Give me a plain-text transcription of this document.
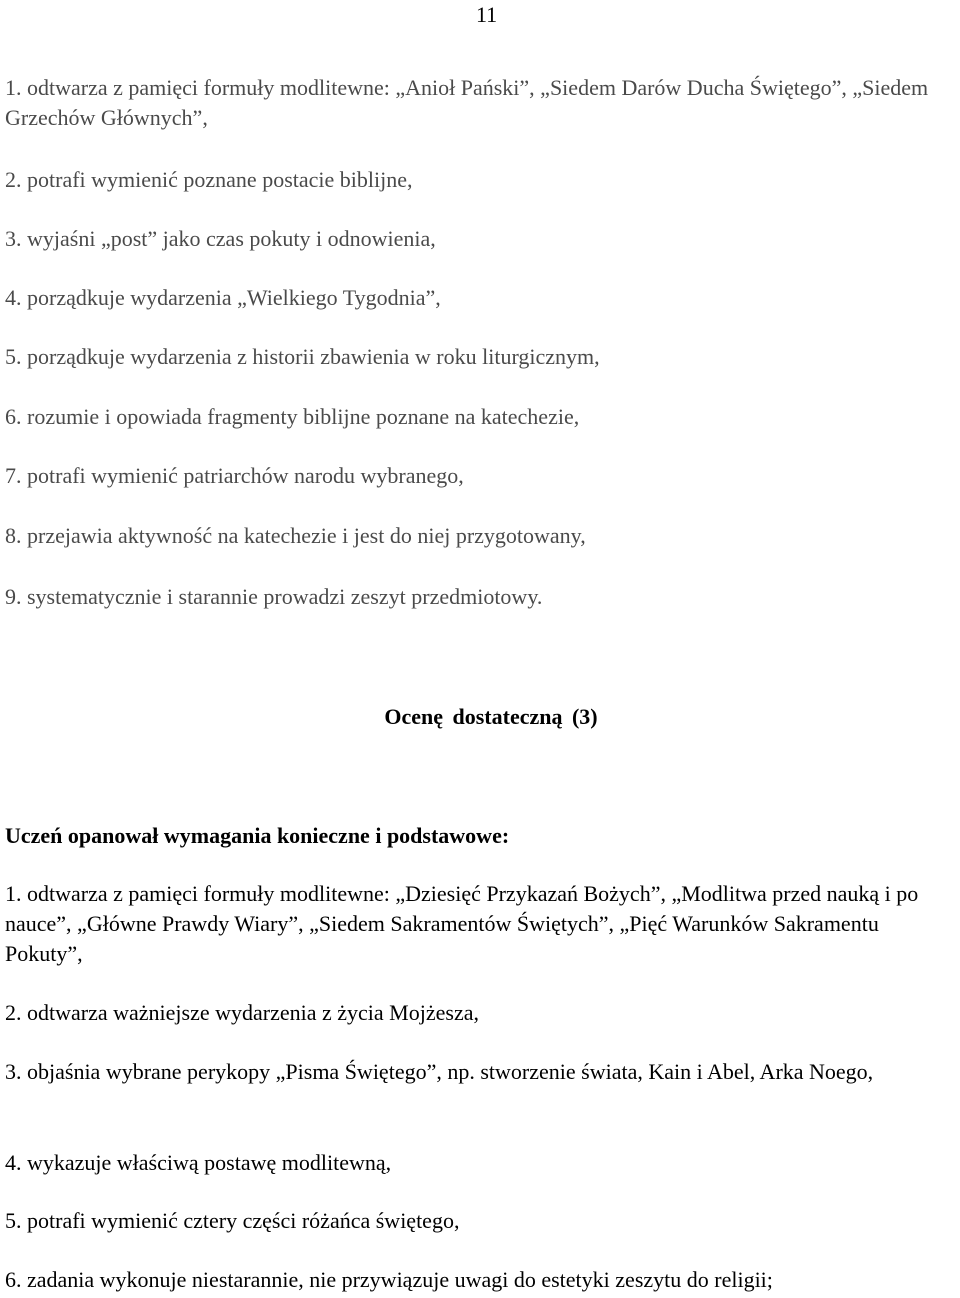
11

1. odtwarza z pamięci formuły modlitewne: „Anioł Pański”, „Siedem Darów Ducha Świętego”, „Siedem Grzechów Głównych”,

2. potrafi wymienić poznane postacie biblijne,

3. wyjaśni „post” jako czas pokuty i odnowienia,

4. porządkuje wydarzenia „Wielkiego Tygodnia”,

5. porządkuje wydarzenia z historii zbawienia w roku liturgicznym,

6. rozumie i opowiada fragmenty biblijne poznane na katechezie,

7. potrafi wymienić patriarchów narodu wybranego,

8. przejawia aktywność na katechezie i jest do niej przygotowany,

9. systematycznie i starannie prowadzi zeszyt przedmiotowy.

Ocenę dostateczną (3)
Uczeń opanował wymagania konieczne i podstawowe:

1. odtwarza z pamięci formuły modlitewne: „Dziesięć Przykazań Bożych”, „Modlitwa przed nauką i po nauce”, „Główne Prawdy Wiary”, „Siedem Sakramentów Świętych”, „Pięć Warunków Sakramentu Pokuty”,

2. odtwarza ważniejsze wydarzenia z życia Mojżesza,

3. objaśnia wybrane perykopy „Pisma Świętego”, np. stworzenie świata, Kain i Abel, Arka Noego,

4. wykazuje właściwą postawę modlitewną,

5. potrafi wymienić cztery części różańca świętego,

6. zadania wykonuje niestarannie, nie przywiązuje uwagi do estetyki zeszytu do religii;
